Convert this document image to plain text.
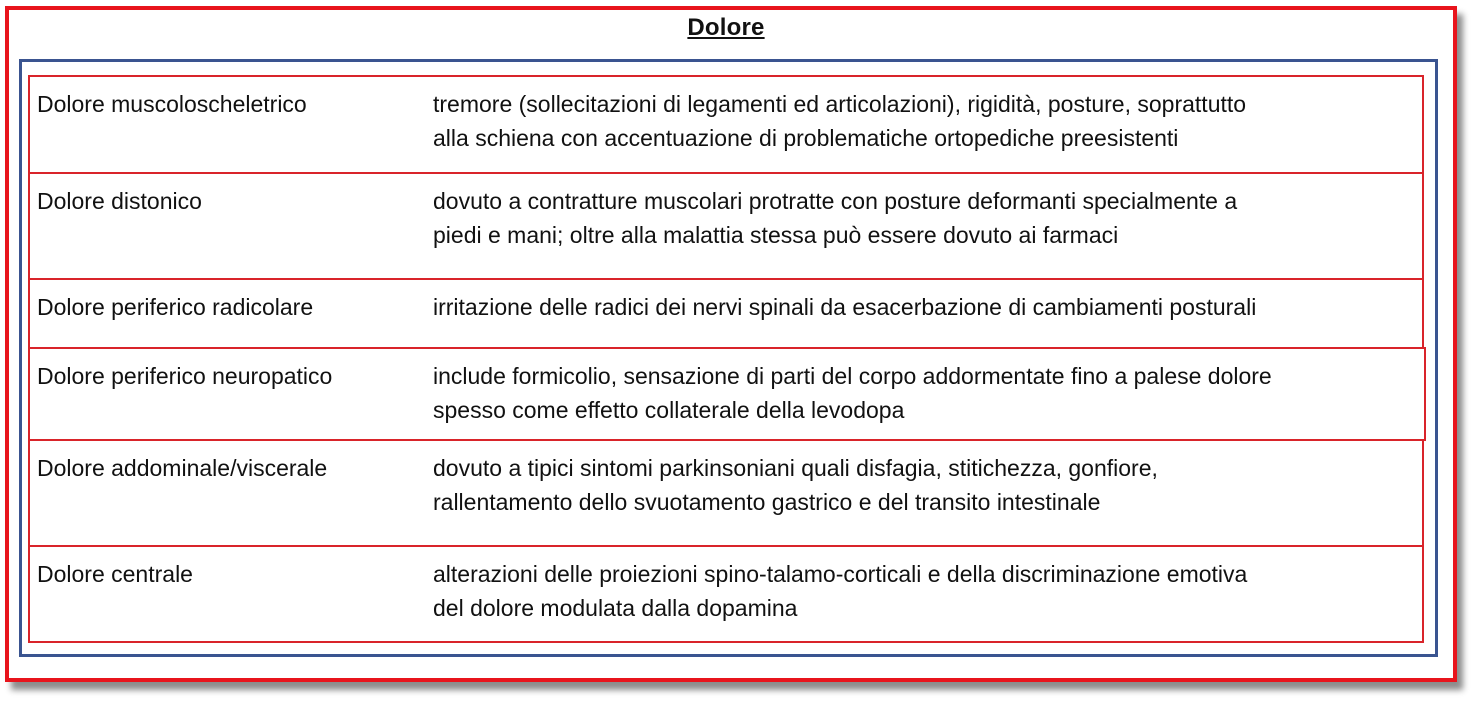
Dolore
Dolore muscoloscheletrico	tremore (sollecitazioni di legamenti ed articolazioni), rigidità, posture, soprattutto
alla schiena con accentuazione di problematiche ortopediche preesistenti
Dolore distonico	dovuto a contratture muscolari protratte con posture deformanti specialmente a
piedi e mani; oltre alla malattia stessa può essere dovuto ai farmaci
Dolore periferico radicolare	irritazione delle radici dei nervi spinali da esacerbazione di cambiamenti posturali
Dolore periferico neuropatico	include formicolio, sensazione di parti del corpo addormentate fino a palese dolore
spesso come effetto collaterale della levodopa
Dolore addominale/viscerale	dovuto a tipici sintomi parkinsoniani quali disfagia, stitichezza, gonfiore,
rallentamento dello svuotamento gastrico e del transito intestinale
Dolore centrale	alterazioni delle proiezioni spino-talamo-corticali e della discriminazione emotiva
del dolore modulata dalla dopamina
